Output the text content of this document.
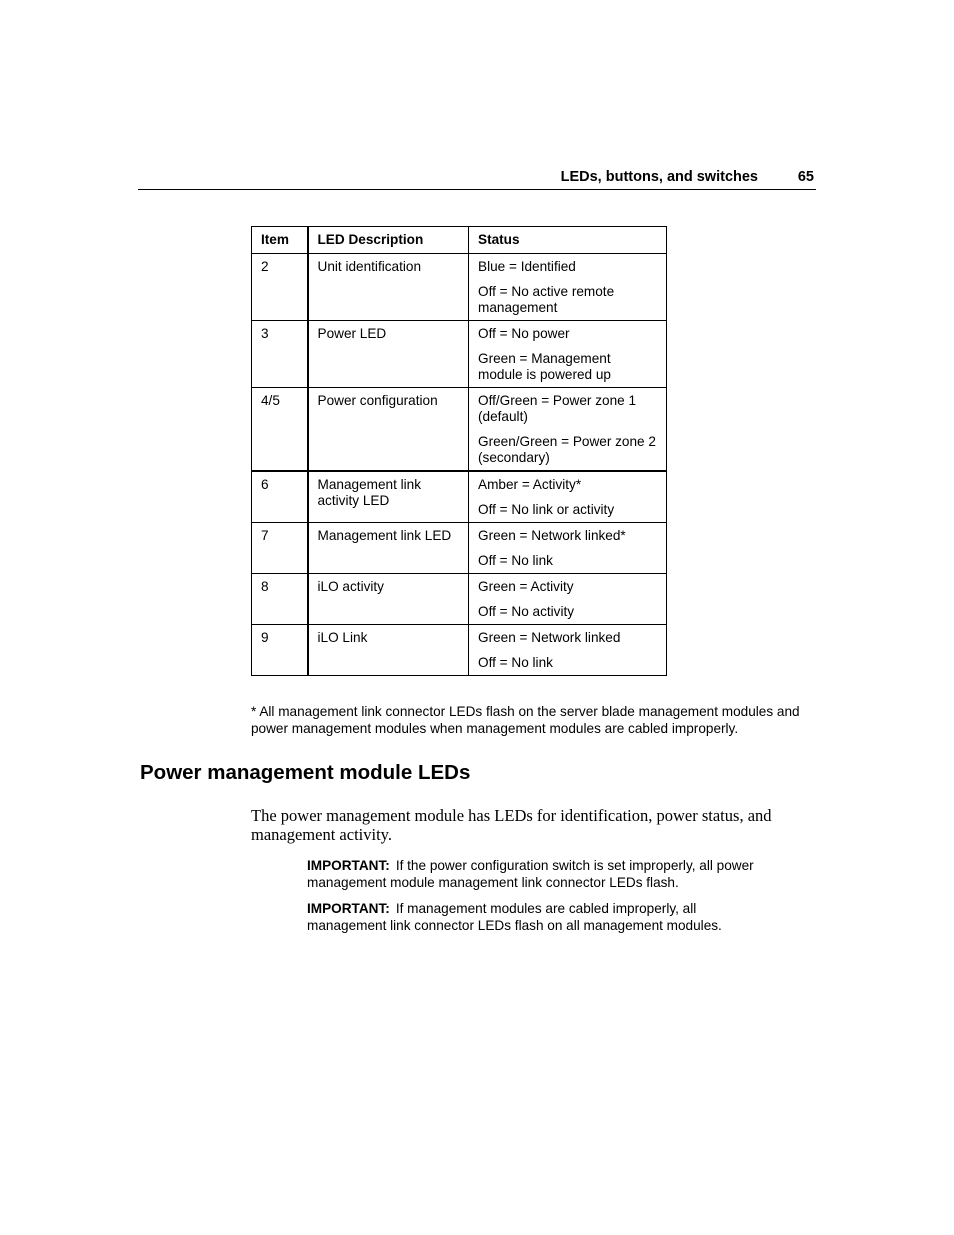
LEDs, buttons, and switches	65
Item	LED Description	Status
2	Unit identification	Blue = Identified
Off = No active remote management

3	Power LED	Off = No power
Green = Management module is powered up

4/5	Power configuration	Off/Green = Power zone 1 (default)
Green/Green = Power zone 2 (secondary)

6	Management link activity LED	Amber = Activity*
Off = No link or activity

7	Management link LED	Green = Network linked*
Off = No link

8	iLO activity	Green = Activity
Off = No activity

9	iLO Link	Green = Network linked
Off = No link
* All management link connector LEDs flash on the server blade management modules and power management modules when management modules are cabled improperly.
Power management module LEDs
The power management module has LEDs for identification, power status, and management activity.
IMPORTANT: If the power configuration switch is set improperly, all power management module management link connector LEDs flash.
IMPORTANT: If management modules are cabled improperly, all management link connector LEDs flash on all management modules.
